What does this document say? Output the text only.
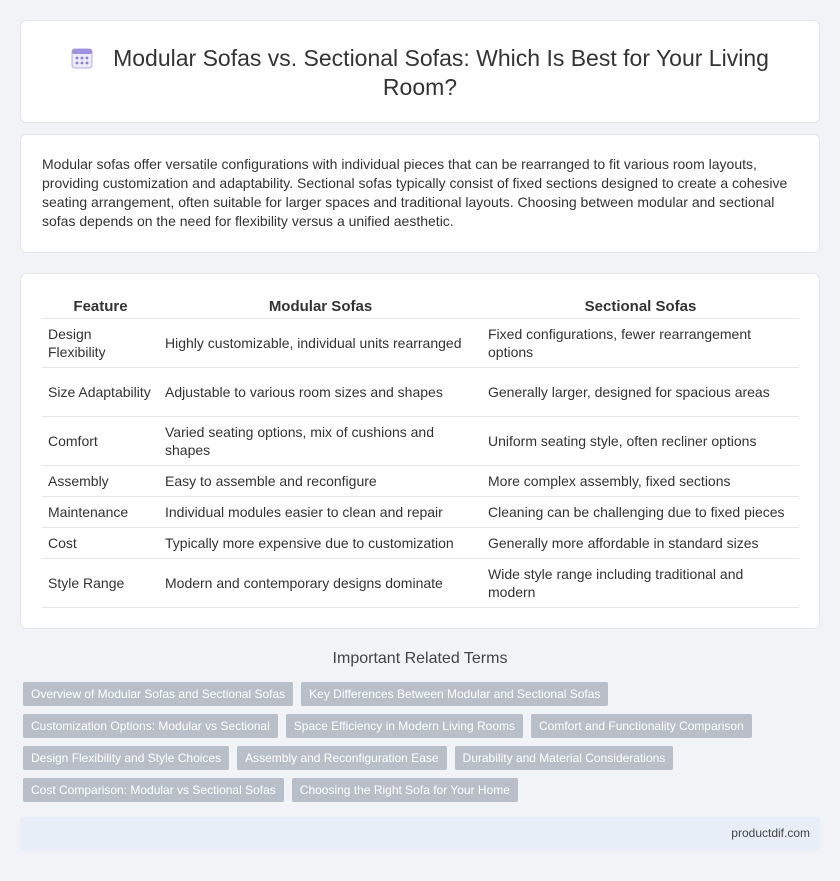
Modular Sofas vs. Sectional Sofas: Which Is Best for Your Living Room?

Modular sofas offer versatile configurations with individual pieces that can be rearranged to fit various room layouts, providing customization and adaptability. Sectional sofas typically consist of fixed sections designed to create a cohesive seating arrangement, often suitable for larger spaces and traditional layouts. Choosing between modular and sectional sofas depends on the need for flexibility versus a unified aesthetic.

Feature	Modular Sofas	Sectional Sofas
Design Flexibility	Highly customizable, individual units rearranged	Fixed configurations, fewer rearrangement options
Size Adaptability	Adjustable to various room sizes and shapes	Generally larger, designed for spacious areas
Comfort	Varied seating options, mix of cushions and shapes	Uniform seating style, often recliner options
Assembly	Easy to assemble and reconfigure	More complex assembly, fixed sections
Maintenance	Individual modules easier to clean and repair	Cleaning can be challenging due to fixed pieces
Cost	Typically more expensive due to customization	Generally more affordable in standard sizes
Style Range	Modern and contemporary designs dominate	Wide style range including traditional and modern
Important Related Terms
Overview of Modular Sofas and Sectional Sofas	Key Differences Between Modular and Sectional Sofas
Customization Options: Modular vs Sectional	Space Efficiency in Modern Living Rooms	Comfort and Functionality Comparison
Design Flexibility and Style Choices	Assembly and Reconfiguration Ease	Durability and Material Considerations
Cost Comparison: Modular vs Sectional Sofas	Choosing the Right Sofa for Your Home
productdif.com
